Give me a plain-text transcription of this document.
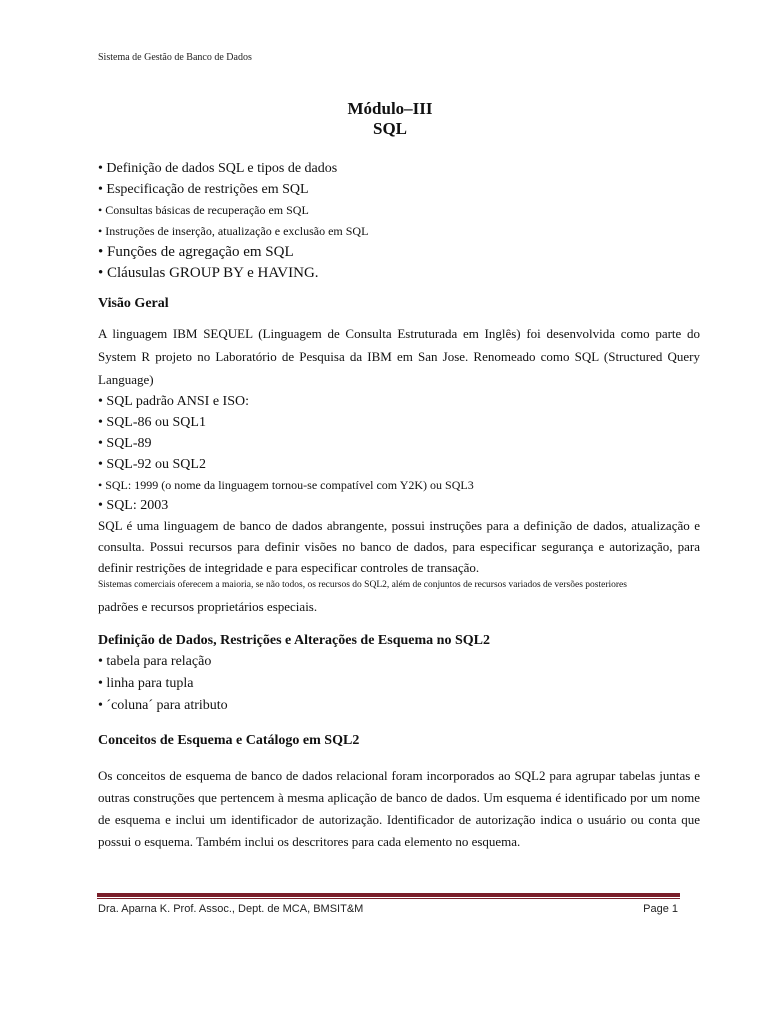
Sistema de Gestão de Banco de Dados
Módulo–III
SQL
• Definição de dados SQL e tipos de dados
• Especificação de restrições em SQL
• Consultas básicas de recuperação em SQL
• Instruções de inserção, atualização e exclusão em SQL
• Funções de agregação em SQL
• Cláusulas GROUP BY e HAVING.
Visão Geral
A linguagem IBM SEQUEL (Linguagem de Consulta Estruturada em Inglês) foi desenvolvida como parte do System R projeto no Laboratório de Pesquisa da IBM em San Jose. Renomeado como SQL (Structured Query Language)
• SQL padrão ANSI e ISO:
• SQL-86 ou SQL1
• SQL-89
• SQL-92 ou SQL2
• SQL: 1999 (o nome da linguagem tornou-se compatível com Y2K) ou SQL3
• SQL: 2003
SQL é uma linguagem de banco de dados abrangente, possui instruções para a definição de dados, atualização e consulta. Possui recursos para definir visões no banco de dados, para especificar segurança e autorização, para definir restrições de integridade e para especificar controles de transação.
Sistemas comerciais oferecem a maioria, se não todos, os recursos do SQL2, além de conjuntos de recursos variados de versões posteriores
padrões e recursos proprietários especiais.
Definição de Dados, Restrições e Alterações de Esquema no SQL2
• tabela para relação
• linha para tupla
• ´coluna´ para atributo
Conceitos de Esquema e Catálogo em SQL2
Os conceitos de esquema de banco de dados relacional foram incorporados ao SQL2 para agrupar tabelas juntas e outras construções que pertencem à mesma aplicação de banco de dados. Um esquema é identificado por um nome de esquema e inclui um identificador de autorização. Identificador de autorização indica o usuário ou conta que possui o esquema. Também inclui os descritores para cada elemento no esquema.
Dra. Aparna K. Prof. Assoc., Dept. de MCA, BMSIT&M	Page 1
